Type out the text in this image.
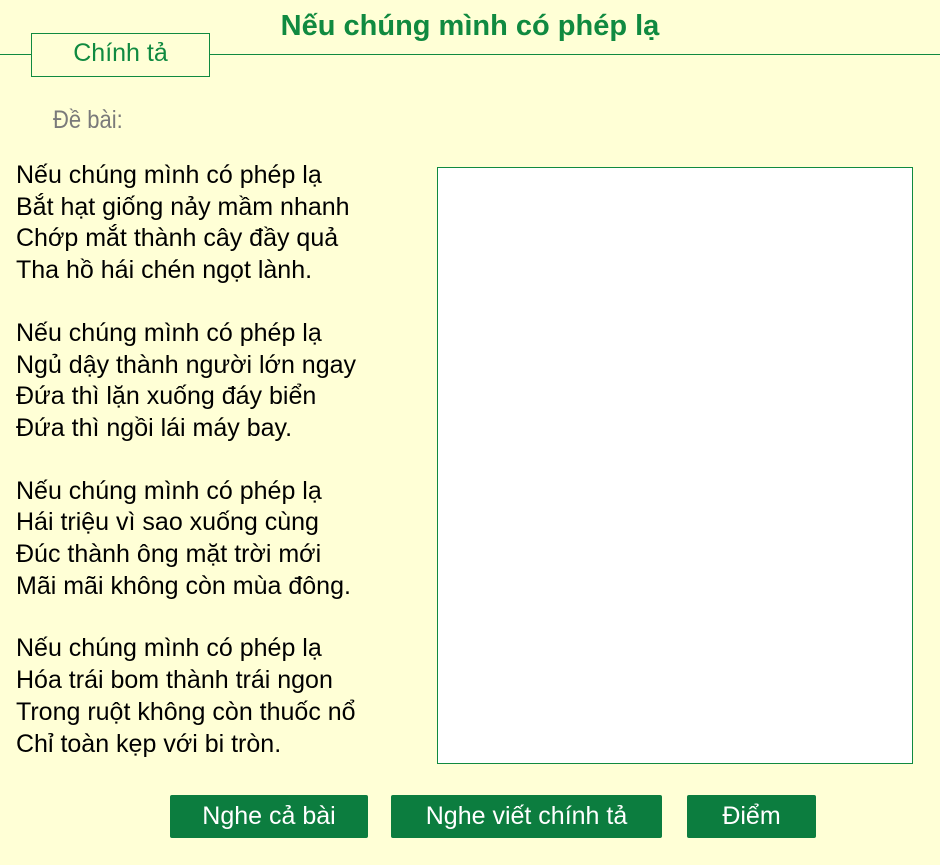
Nếu chúng mình có phép lạ
Chính tả
Đề bài:
Nếu chúng mình có phép lạ
Bắt hạt giống nảy mầm nhanh
Chớp mắt thành cây đầy quả
Tha hồ hái chén ngọt lành.
Nếu chúng mình có phép lạ
Ngủ dậy thành người lớn ngay
Đứa thì lặn xuống đáy biển
Đứa thì ngồi lái máy bay.
Nếu chúng mình có phép lạ
Hái triệu vì sao xuống cùng
Đúc thành ông mặt trời mới
Mãi mãi không còn mùa đông.
Nếu chúng mình có phép lạ
Hóa trái bom thành trái ngon
Trong ruột không còn thuốc nổ
Chỉ toàn kẹp với bi tròn.
Nghe cả bài	Nghe viết chính tả	Điểm
